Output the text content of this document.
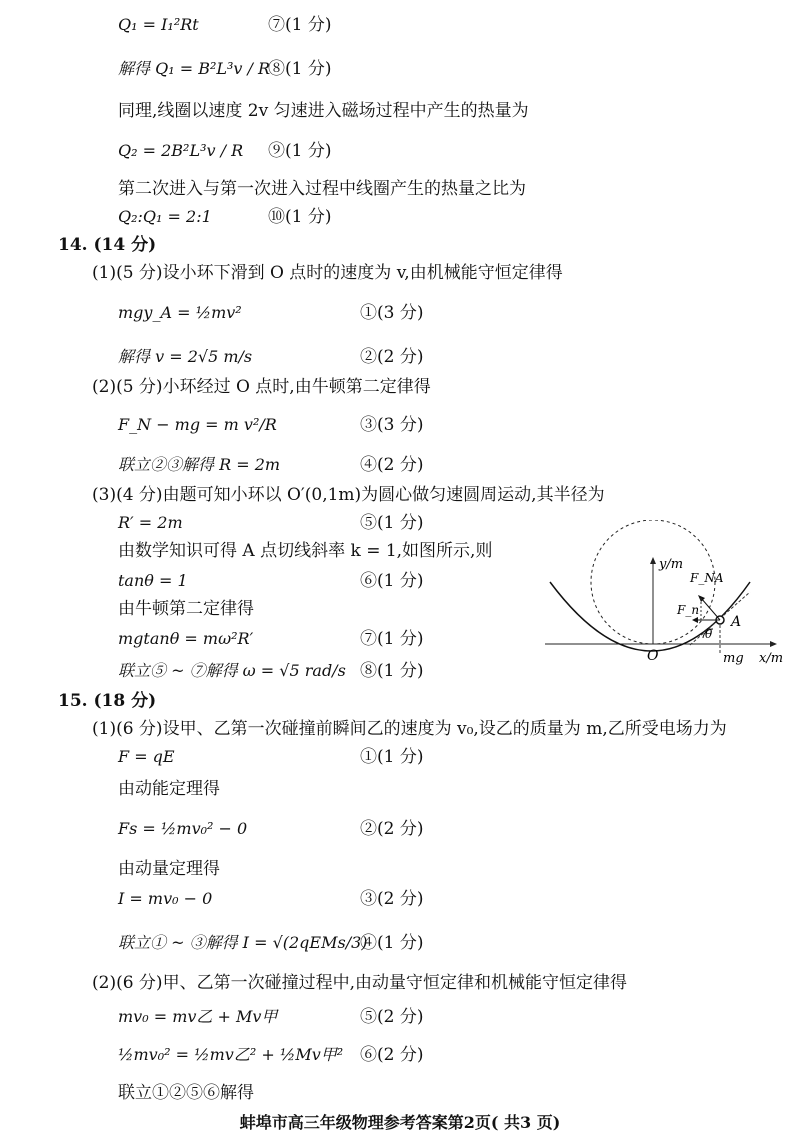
Q₁ = I₁²Rt	⑦(1 分)
解得 Q₁ = B²L³v / R
⑧(1 分)
同理,线圈以速度 2v 匀速进入磁场过程中产生的热量为
Q₂ = 2B²L³v / R ⑨(1 分)
第二次进入与第一次进入过程中线圈产生的热量之比为
Q₂:Q₁ = 2:1	⑩(1 分)
14. (14 分)
(1)(5 分)设小环下滑到 O 点时的速度为 v,由机械能守恒定律得
mgy_A = ½mv²	①(3 分)
解得 v = 2√5 m/s	②(2 分)
(2)(5 分)小环经过 O 点时,由牛顿第二定律得
F_N − mg = m v²/R	③(3 分)
联立②③解得 R = 2m	④(2 分)
(3)(4 分)由题可知小环以 O′(0,1m)为圆心做匀速圆周运动,其半径为
R′ = 2m	⑤(1 分)
由数学知识可得 A 点切线斜率 k = 1,如图所示,则
tanθ = 1	⑥(1 分)
由牛顿第二定律得
mgtanθ = mω²R′	⑦(1 分)
联立⑤ ~ ⑦解得 ω = √5 rad/s ⑧(1 分)
y/m
x/m
O
A
F_NA
F_n
mg
θ
15. (18 分)
(1)(6 分)设甲、乙第一次碰撞前瞬间乙的速度为 v₀,设乙的质量为 m,乙所受电场力为
F = qE	①(1 分)
由动能定理得
Fs = ½mv₀² − 0	②(2 分)
由动量定理得
I = mv₀ − 0	③(2 分)
联立① ~ ③解得 I = √(2qEMs/3)
④(1 分)
(2)(6 分)甲、乙第一次碰撞过程中,由动量守恒定律和机械能守恒定律得
mv₀ = mv乙 + Mv甲	⑤(2 分)
½mv₀² = ½mv乙² + ½Mv甲² ⑥(2 分)
联立①②⑤⑥解得
蚌埠市高三年级物理参考答案第2页( 共3 页)
